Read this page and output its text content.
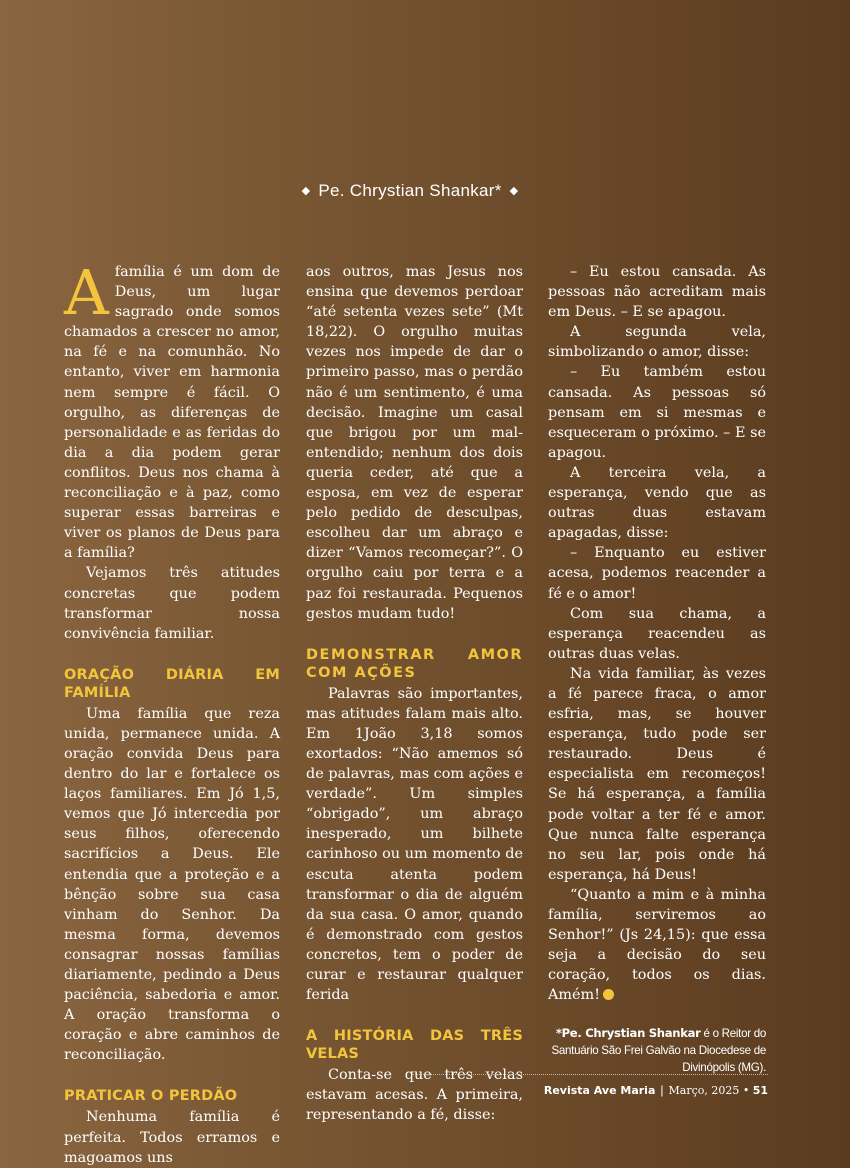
◆ Pe. Chrystian Shankar* ◆

Afamília é um dom de Deus, um lugar sagrado onde somos chamados a crescer no amor, na fé e na comunhão. No entanto, viver em harmonia nem sempre é fácil. O orgulho, as diferenças de personalidade e as feridas do dia a dia podem gerar conflitos. Deus nos chama à reconciliação e à paz, como superar essas barreiras e viver os planos de Deus para a família?

Vejamos três atitudes concretas que podem transformar nossa convivência familiar.

ORAÇÃO DIÁRIA EM FAMÍLIA

Uma família que reza unida, permanece unida. A oração convida Deus para dentro do lar e fortalece os laços familiares. Em Jó 1,5, vemos que Jó intercedia por seus filhos, oferecendo sacrifícios a Deus. Ele entendia que a proteção e a bênção sobre sua casa vinham do Senhor. Da mesma forma, devemos consagrar nossas famílias diariamente, pedindo a Deus paciência, sabedoria e amor. A oração transforma o coração e abre caminhos de reconciliação.

PRATICAR O PERDÃO

Nenhuma família é perfeita. Todos erramos e magoamos uns

aos outros, mas Jesus nos ensina que devemos perdoar “até setenta vezes sete” (Mt 18,22). O orgulho muitas vezes nos impede de dar o primeiro passo, mas o perdão não é um sentimento, é uma decisão. Imagine um casal que brigou por um mal-entendido; nenhum dos dois queria ceder, até que a esposa, em vez de esperar pelo pedido de desculpas, escolheu dar um abraço e dizer “Vamos recomeçar?”. O orgulho caiu por terra e a paz foi restaurada. Pequenos gestos mudam tudo!

DEMONSTRAR AMOR COM AÇÕES

Palavras são importantes, mas atitudes falam mais alto. Em 1João 3,18 somos exortados: “Não amemos só de palavras, mas com ações e verdade”. Um simples “obrigado”, um abraço inesperado, um bilhete carinhoso ou um momento de escuta atenta podem transformar o dia de alguém da sua casa. O amor, quando é demonstrado com gestos concretos, tem o poder de curar e restaurar qualquer ferida

A HISTÓRIA DAS TRÊS VELAS

Conta-se que três velas estavam acesas. A primeira, representando a fé, disse:

– Eu estou cansada. As pessoas não acreditam mais em Deus. – E se apagou.

A segunda vela, simbolizando o amor, disse:

– Eu também estou cansada. As pessoas só pensam em si mesmas e esqueceram o próximo. – E se apagou.

A terceira vela, a esperança, vendo que as outras duas estavam apagadas, disse:

– Enquanto eu estiver acesa, podemos reacender a fé e o amor!

Com sua chama, a esperança reacendeu as outras duas velas.

Na vida familiar, às vezes a fé parece fraca, o amor esfria, mas, se houver esperança, tudo pode ser restaurado. Deus é especialista em recomeços! Se há esperança, a família pode voltar a ter fé e amor. Que nunca falte esperança no seu lar, pois onde há esperança, há Deus!

“Quanto a mim e à minha família, serviremos ao Senhor!” (Js 24,15): que essa seja a decisão do seu coração, todos os dias. Amém!

*Pe. Chrystian Shankar é o Reitor do Santuário São Frei Galvão na Diocedese de Divinópolis (MG).
Revista Ave Maria | Março, 2025 • 51
